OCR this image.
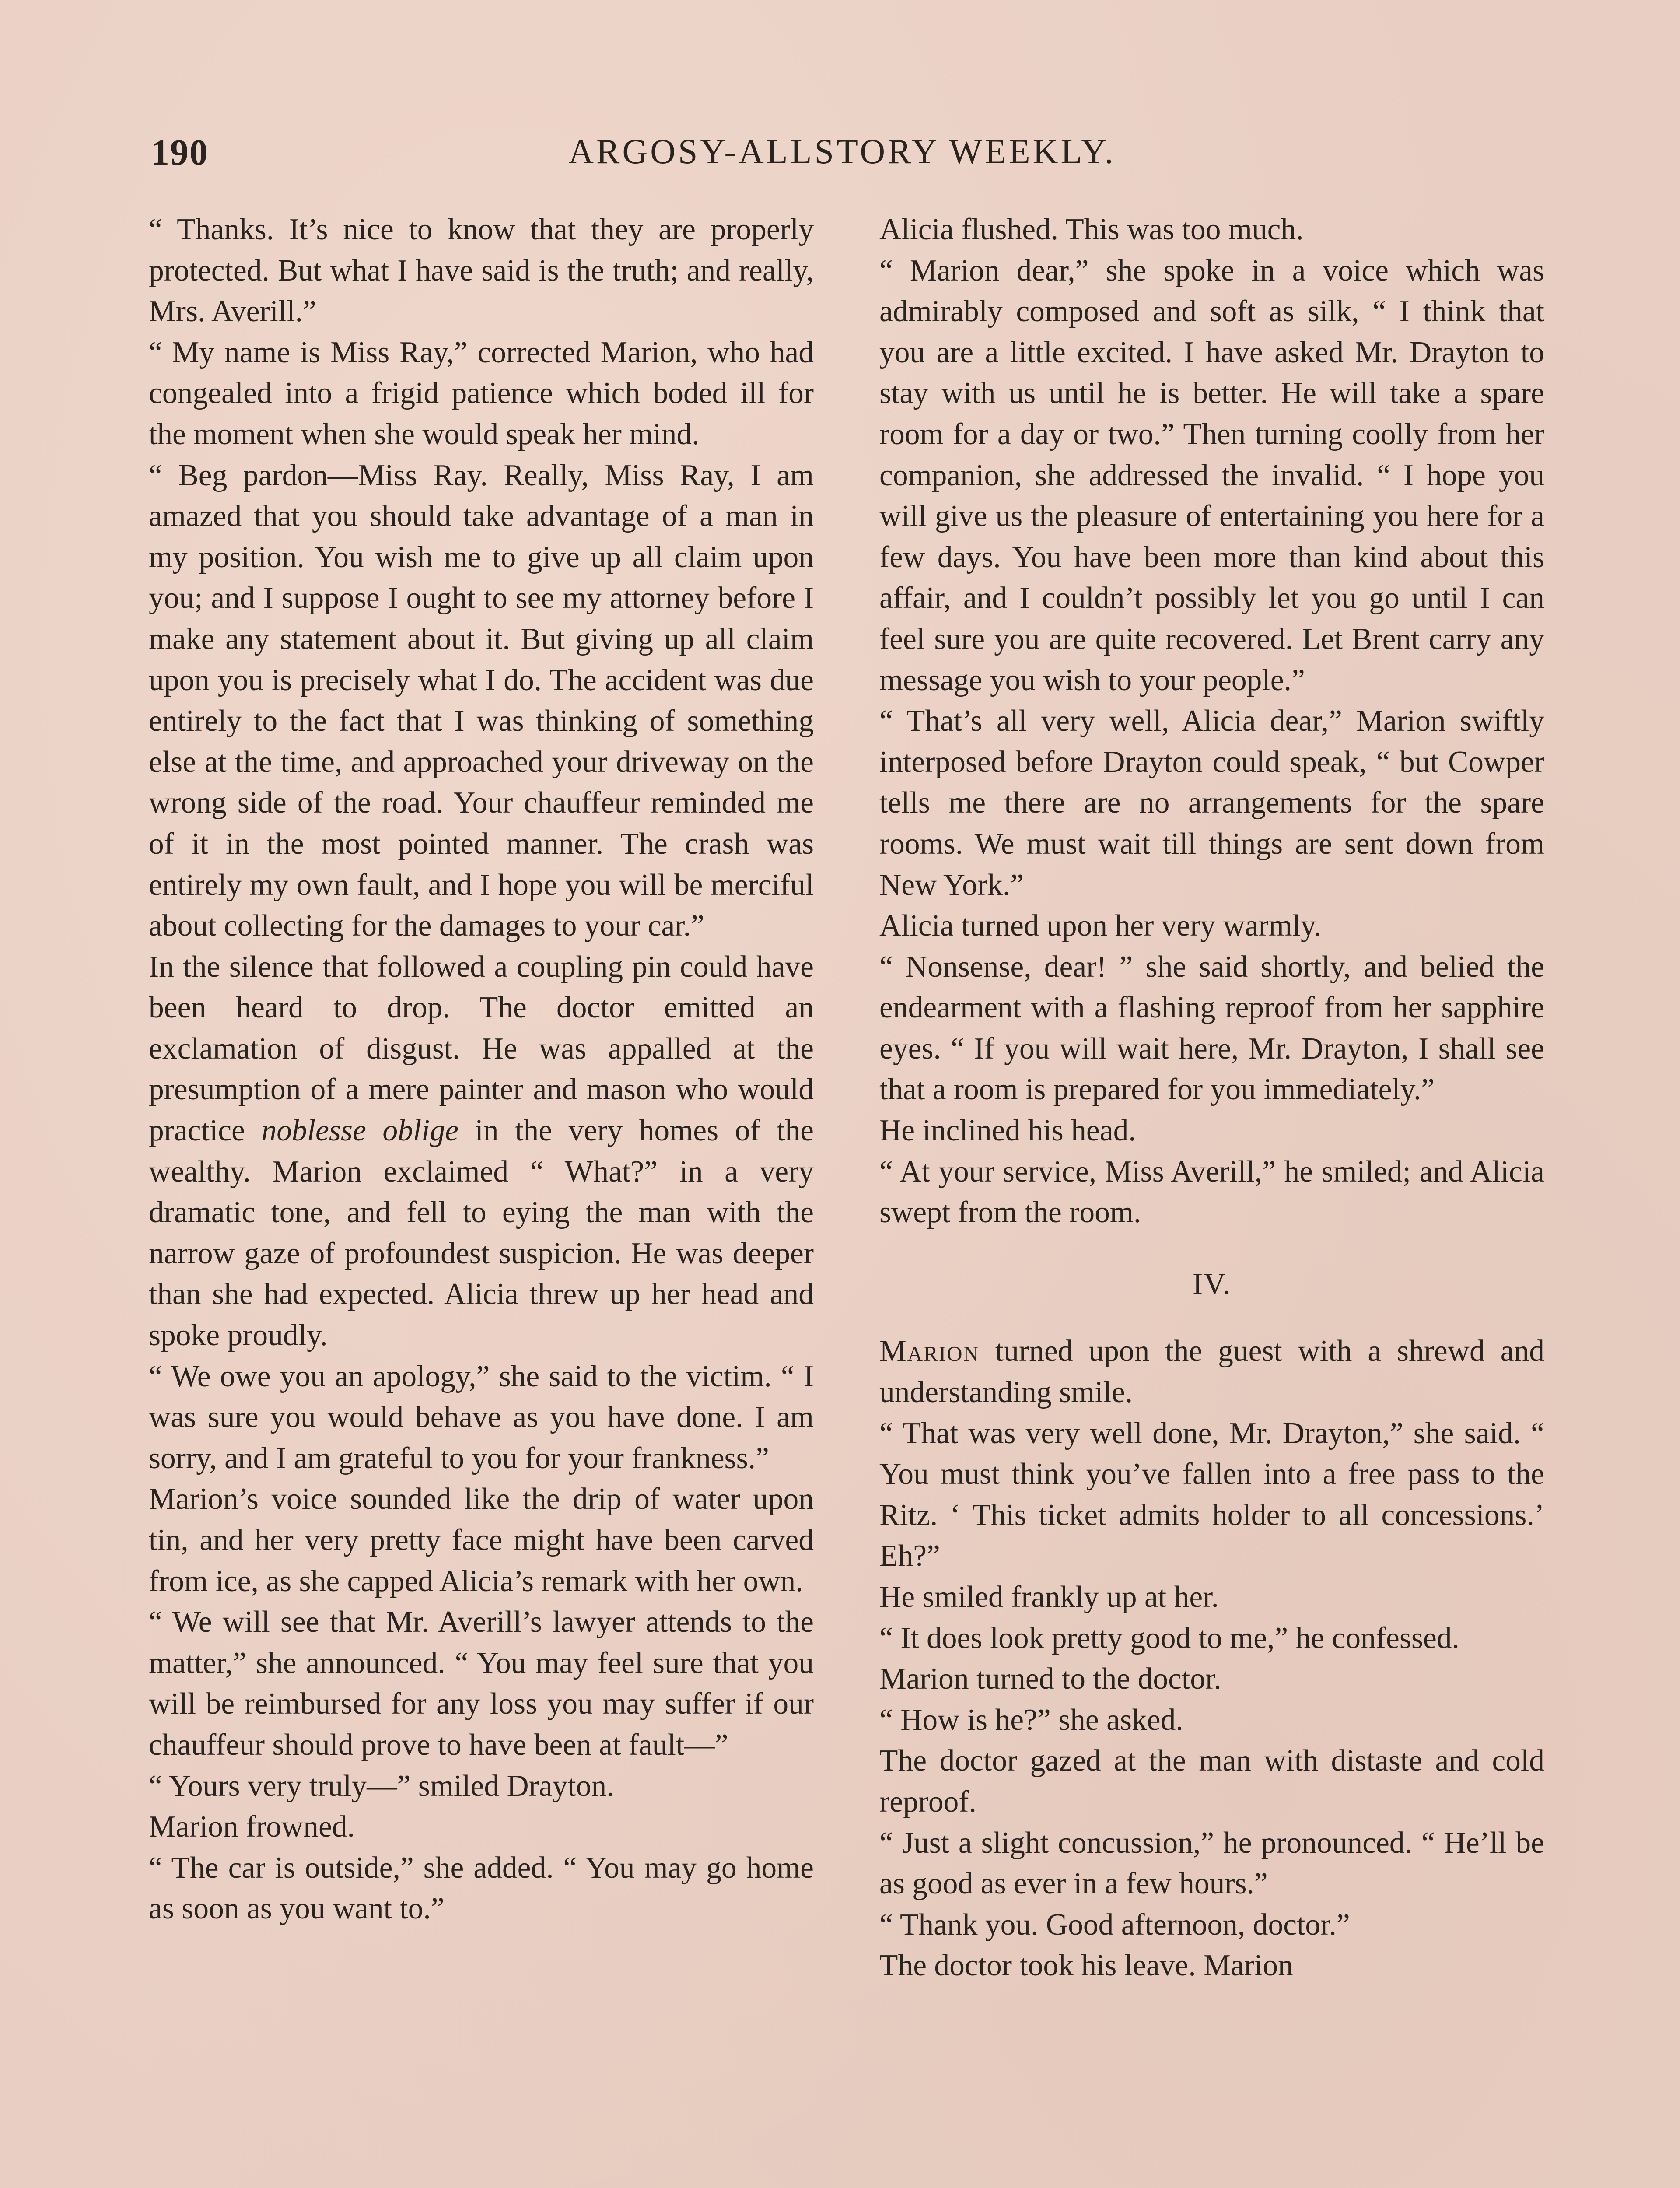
190	ARGOSY-ALLSTORY WEEKLY.

“ Thanks. It’s nice to know that they are properly protected. But what I have said is the truth; and really, Mrs. Averill.”

“ My name is Miss Ray,” corrected Marion, who had congealed into a frigid patience which boded ill for the moment when she would speak her mind.

“ Beg pardon—Miss Ray. Really, Miss Ray, I am amazed that you should take advantage of a man in my position. You wish me to give up all claim upon you; and I suppose I ought to see my attorney before I make any statement about it. But giving up all claim upon you is precisely what I do. The accident was due entirely to the fact that I was thinking of something else at the time, and approached your driveway on the wrong side of the road. Your chauffeur reminded me of it in the most pointed manner. The crash was entirely my own fault, and I hope you will be merciful about collecting for the damages to your car.”

In the silence that followed a coupling pin could have been heard to drop. The doctor emitted an exclamation of disgust. He was appalled at the presumption of a mere painter and mason who would practice noblesse oblige in the very homes of the wealthy. Marion exclaimed “ What?” in a very dramatic tone, and fell to eying the man with the narrow gaze of profoundest suspicion. He was deeper than she had expected. Alicia threw up her head and spoke proudly.

“ We owe you an apology,” she said to the victim. “ I was sure you would behave as you have done. I am sorry, and I am grateful to you for your frankness.”

Marion’s voice sounded like the drip of water upon tin, and her very pretty face might have been carved from ice, as she capped Alicia’s remark with her own.

“ We will see that Mr. Averill’s lawyer attends to the matter,” she announced. “ You may feel sure that you will be reimbursed for any loss you may suffer if our chauffeur should prove to have been at fault—”

“ Yours very truly—” smiled Drayton.

Marion frowned.

“ The car is outside,” she added. “ You may go home as soon as you want to.”

Alicia flushed. This was too much.

“ Marion dear,” she spoke in a voice which was admirably composed and soft as silk, “ I think that you are a little excited. I have asked Mr. Drayton to stay with us until he is better. He will take a spare room for a day or two.” Then turning coolly from her companion, she addressed the invalid. “ I hope you will give us the pleasure of entertaining you here for a few days. You have been more than kind about this affair, and I couldn’t possibly let you go until I can feel sure you are quite recovered. Let Brent carry any message you wish to your people.”

“ That’s all very well, Alicia dear,” Marion swiftly interposed before Drayton could speak, “ but Cowper tells me there are no arrangements for the spare rooms. We must wait till things are sent down from New York.”

Alicia turned upon her very warmly.

“ Nonsense, dear! ” she said shortly, and belied the endearment with a flashing reproof from her sapphire eyes. “ If you will wait here, Mr. Drayton, I shall see that a room is prepared for you immediately.”

He inclined his head.

“ At your service, Miss Averill,” he smiled; and Alicia swept from the room.

IV.

Marion turned upon the guest with a shrewd and understanding smile.

“ That was very well done, Mr. Drayton,” she said. “ You must think you’ve fallen into a free pass to the Ritz. ‘ This ticket admits holder to all concessions.’ Eh?”

He smiled frankly up at her.

“ It does look pretty good to me,” he confessed.

Marion turned to the doctor.

“ How is he?” she asked.

The doctor gazed at the man with distaste and cold reproof.

“ Just a slight concussion,” he pronounced. “ He’ll be as good as ever in a few hours.”

“ Thank you. Good afternoon, doctor.”

The doctor took his leave. Marion
